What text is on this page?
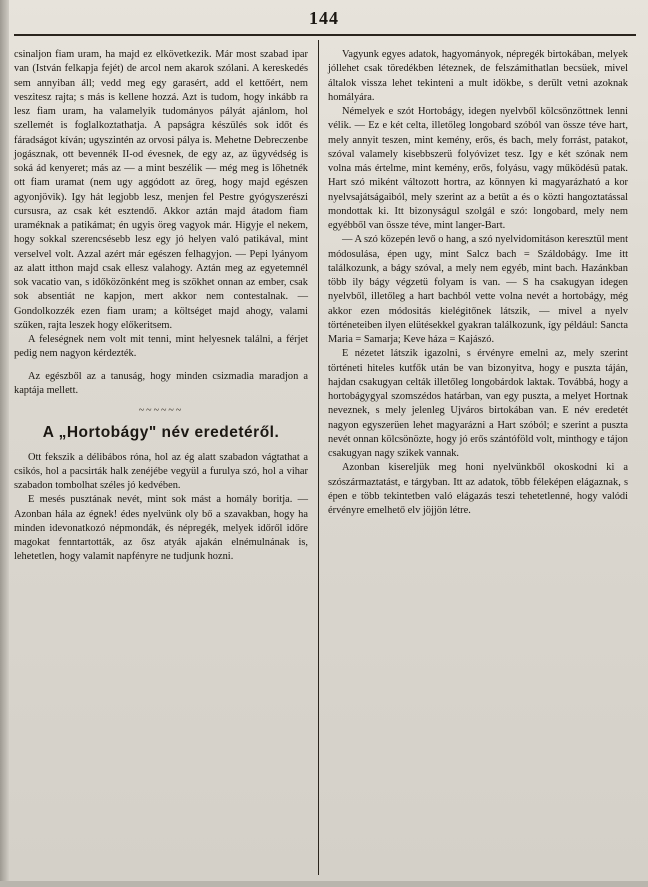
144

csinaljon fiam uram, ha majd ez elkövetkezik. Már most szabad ipar van (István felkapja fejét) de arcol nem akarok szólani. A kereskedés sem annyiban áll; vedd meg egy garasért, add el kettőért, nem veszitesz rajta; s más is kellene hozzá. Azt is tudom, hogy inkább ra lesz fiam uram, ha valamelyik tudományos pályát ajánlom, hol szellemét is foglalkoztathatja. A papságra készülés sok időt és fáradságot kíván; ugyszintén az orvosi pálya is. Mehetne Debreczenbe jogásznak, ott bevennék II-od évesnek, de egy az, az ügyvédség is soká ád kenyeret; más az — a mint beszélik — még meg is lőhetnék ott fiam uramat (nem ugy aggódott az öreg, hogy majd egészen agyonjövik). Igy hát legjobb lesz, menjen fel Pestre gyógyszerészi cursusra, az csak két esztendő. Akkor aztán majd átadom fiam uraméknak a patikámat; én ugyis öreg vagyok már. Higyje el nekem, hogy sokkal szerencsésebb lesz egy jó helyen való patikával, mint verselvel volt. Azzal azért már egészen felhagyjon. — Pepi lyányom az alatt itthon majd csak ellesz valahogy. Aztán meg az egyetemnél sok vacatio van, s időközönként meg is szökhet onnan az ember, csak sok absentiát ne kapjon, mert akkor nem contestalnak. — Gondolkozzék ezen fiam uram; a költséget majd ahogy, valami szüken, rajta leszek hogy előkeritsem.

A feleségnek nem volt mit tenni, mint helyesnek találni, a férjet pedig nem nagyon kérdezték.

Az egészből az a tanuság, hogy minden csizmadia maradjon a kaptája mellett.

~~~~~~
A „Hortobágy" név eredetéről.

Ott fekszik a délibábos róna, hol az ég alatt szabadon vágtathat a csikós, hol a pacsirták halk zenéjébe vegyül a furulya szó, hol a vihar szabadon tombolhat széles jó kedvében.

E mesés pusztának nevét, mint sok mást a homály boritja. — Azonban hála az égnek! édes nyelvünk oly bő a szavakban, hogy ha minden idevonatkozó népmondák, és népregék, melyek időről időre magokat fenntartották, az ősz atyák ajakán elnémulnának is, lehetetlen, hogy valamit napfényre ne tudjunk hozni.

Vagyunk egyes adatok, hagyományok, népregék birtokában, melyek jóllehet csak töredékben léteznek, de felszámithatlan becsüek, mivel általok vissza lehet tekinteni a mult idökbe, s derült vetni azoknak homályára.

Némelyek e szót Hortobágy, idegen nyelvből kölcsönzöttnek lenni vélik. — Ez e két celta, illetőleg longobard szóból van össze téve hart, mely annyit teszen, mint kemény, erős, és bach, mely forrást, patakot, szóval valamely kisebbszerü folyóvizet tesz. Igy e két szónak nem volna más értelme, mint kemény, erős, folyásu, vagy működésü patak. Hart szó miként változott hortra, az könnyen ki magyarázható a kor nyelvsajátságaiból, mely szerint az a betüt a és o közti hangoztatással mondottak ki. Itt bizonyságul szolgál e szó: longobard, mely nem egyébből van össze téve, mint langer-Bart.

— A szó közepén levő o hang, a szó nyelvidomitáson keresztül ment módosulása, épen ugy, mint Salcz bach = Száldobágy. Ime itt találkozunk, a bágy szóval, a mely nem egyéb, mint bach. Hazánkban több ily bágy végzetü folyam is van. — S ha csakugyan idegen nyelvből, illetőleg a hart bachból vette volna nevét a hortobágy, még akkor ezen módositás kielégitőnek látszik, — mivel a nyelv történeteiben ilyen elütésekkel gyakran találkozunk, így például: Sancta Maria = Samarja; Keve háza = Kajászó.

E nézetet látszik igazolni, s érvényre emelni az, mely szerint történeti hiteles kutfők után be van bizonyitva, hogy e puszta táján, hajdan csakugyan celták illetőleg longobárdok laktak. Továbbá, hogy a hortobágygyal szomszédos határban, van egy puszta, a melyet Hortnak neveznek, s mely jelenleg Ujváros birtokában van. E név eredetét nagyon egyszerüen lehet magyarázni a Hart szóból; e szerint a puszta nevét onnan kölcsönözte, hogy jó erős szántóföld volt, minthogy e tájon csakugyan nagy szikek vannak.

Azonban kisereljük meg honi nyelvünkből okoskodni ki a szószármaztatást, e tárgyban. Itt az adatok, több féleképen elágaznak, s épen e több tekintetben való elágazás teszi tehetetlenné, hogy valódi érvényre emelhető elv jöjjön létre.
